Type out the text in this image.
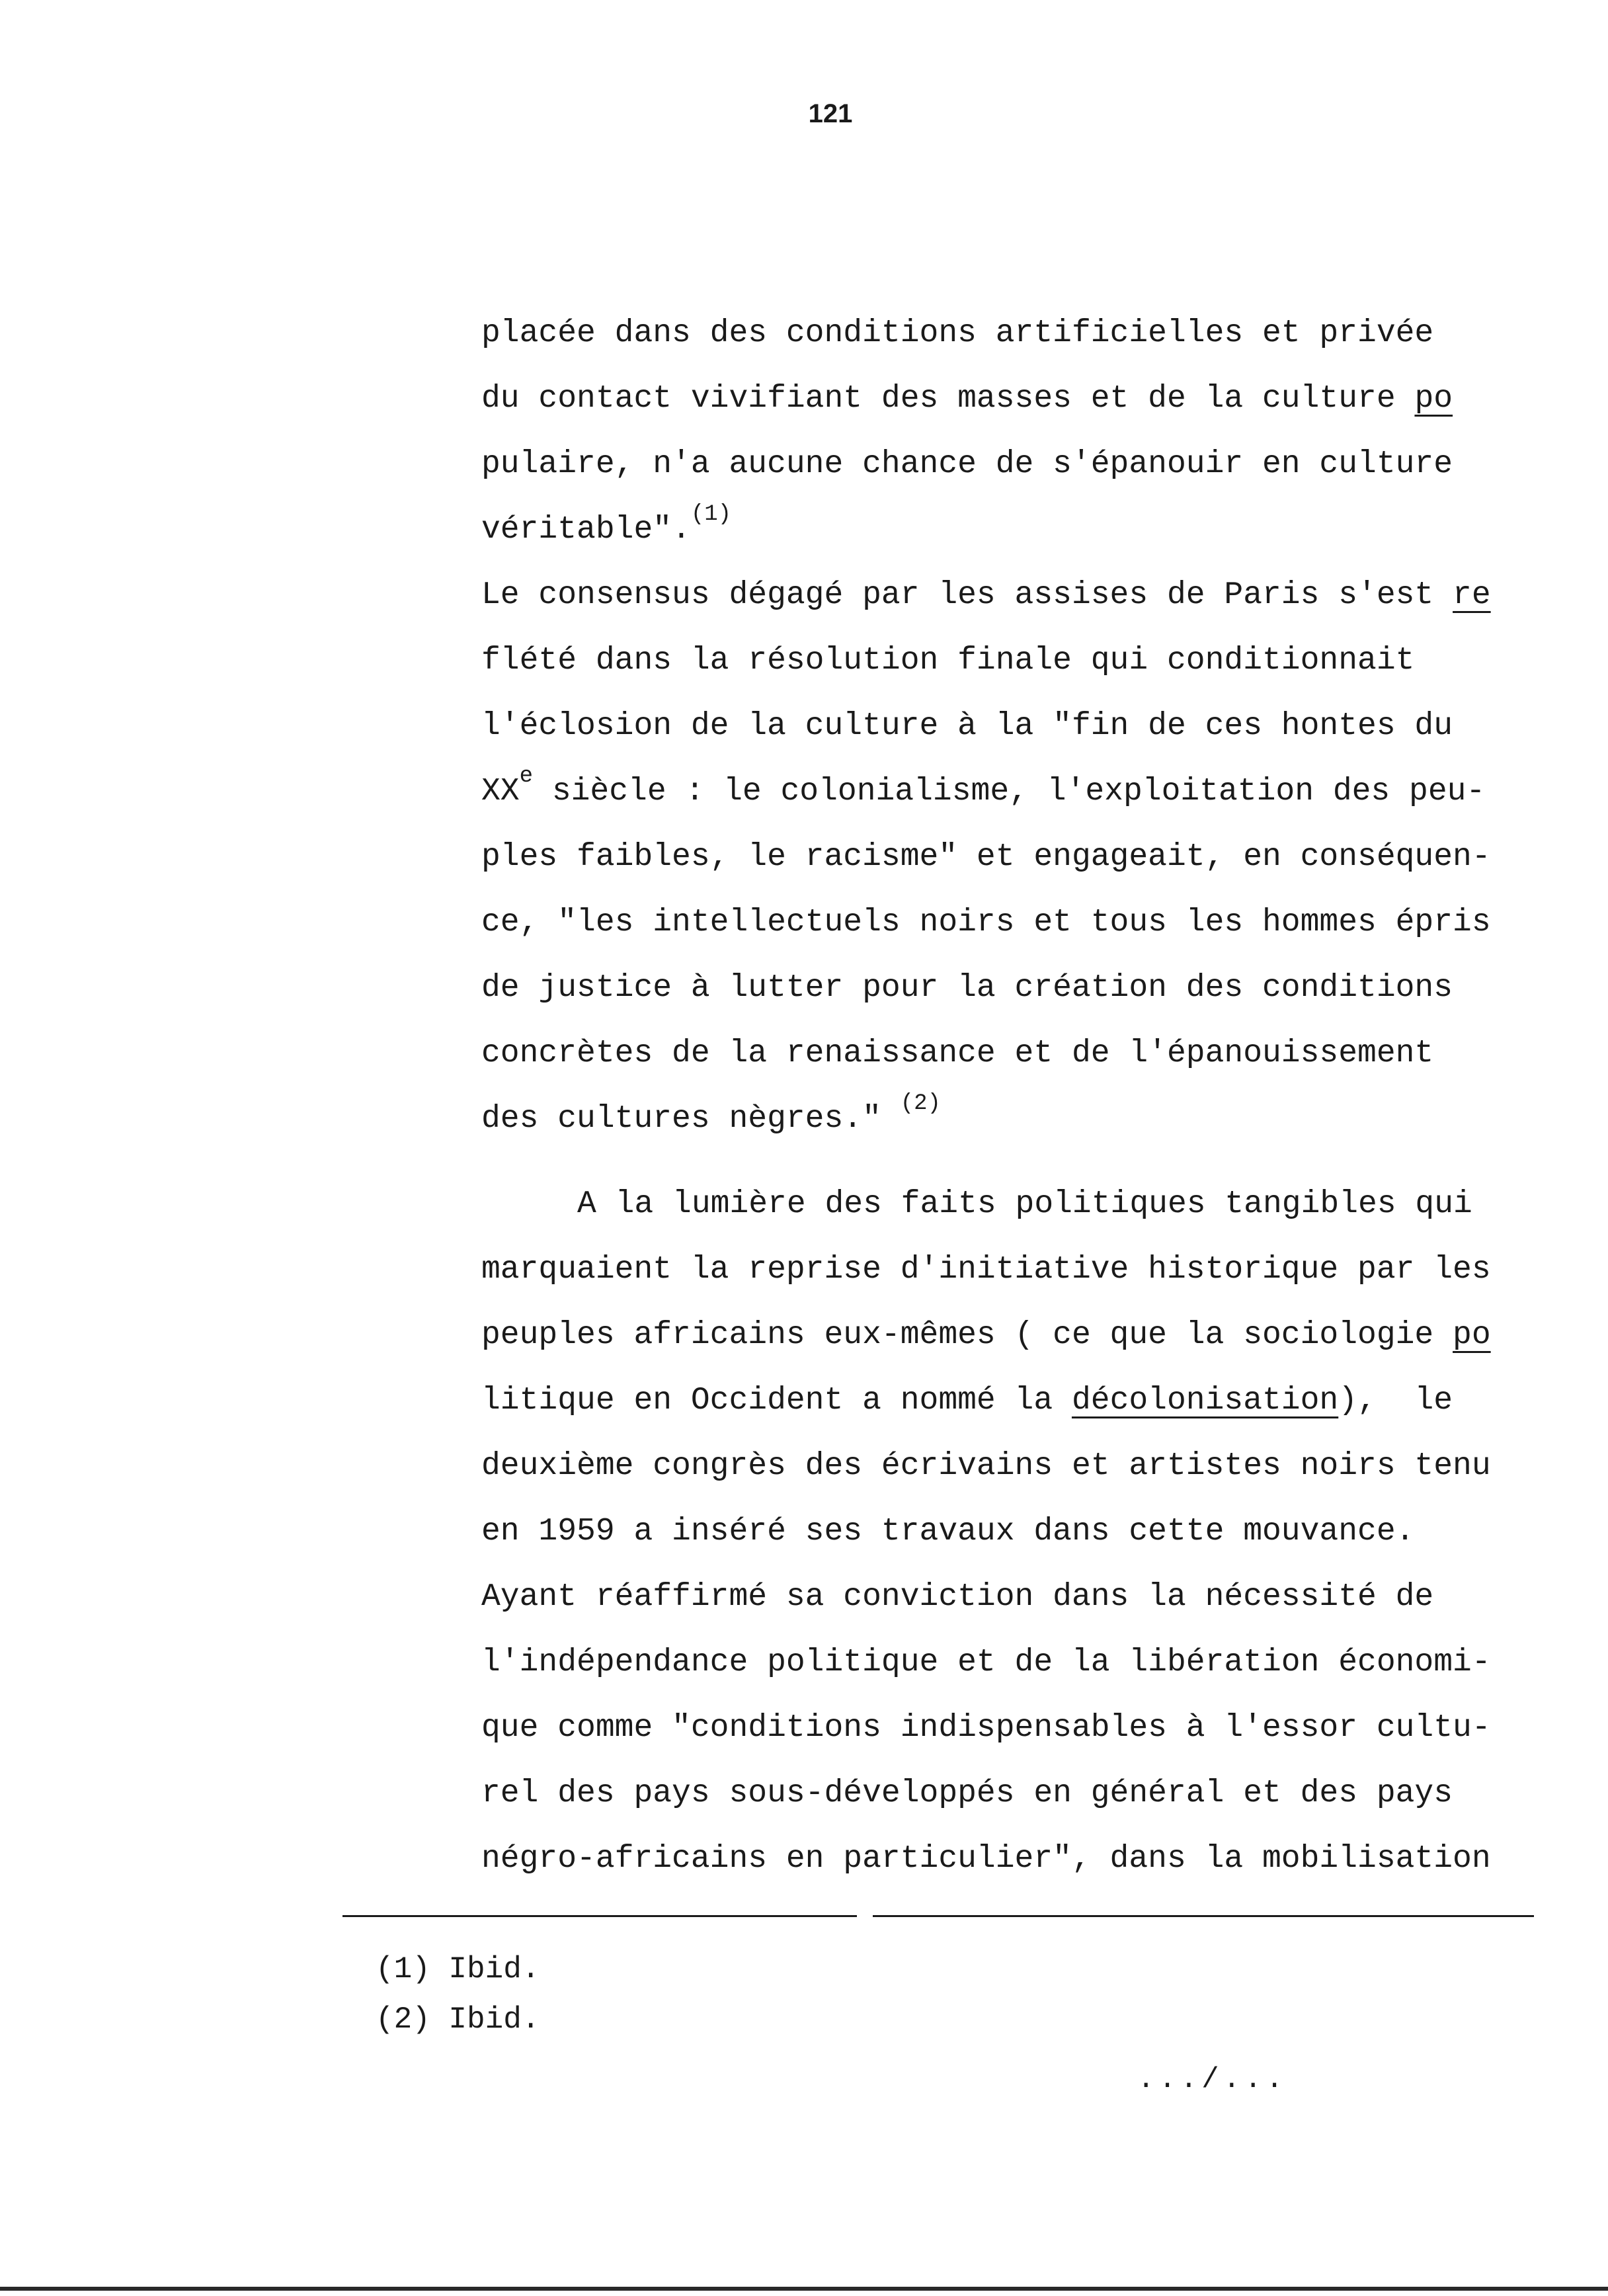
121
placée dans des conditions artificielles et privée
du contact vivifiant des masses et de la culture po
pulaire, n'a aucune chance de s'épanouir en culture
véritable".$^{(1)}$
Le consensus dégagé par les assises de Paris s'est re
flété dans la résolution finale qui conditionnait
l'éclosion de la culture à la "fin de ces hontes du
XXe siècle : le colonialisme, l'exploitation des peu-
ples faibles, le racisme" et engageait, en conséquen-
ce, "les intellectuels noirs et tous les hommes épris
de justice à lutter pour la création des conditions
concrètes de la renaissance et de l'épanouissement
des cultures nègres." $^{(2)}$
A la lumière des faits politiques tangibles qui
marquaient la reprise d'initiative historique par les
peuples africains eux-mêmes ( ce que la sociologie po
litique en Occident a nommé la décolonisation),  le
deuxième congrès des écrivains et artistes noirs tenu
en 1959 a inséré ses travaux dans cette mouvance.
Ayant réaffirmé sa conviction dans la nécessité de
l'indépendance politique et de la libération économi-
que comme "conditions indispensables à l'essor cultu-
rel des pays sous-développés en général et des pays
négro-africains en particulier", dans la mobilisation
(1) Ibid.
(2) Ibid.
.../...
